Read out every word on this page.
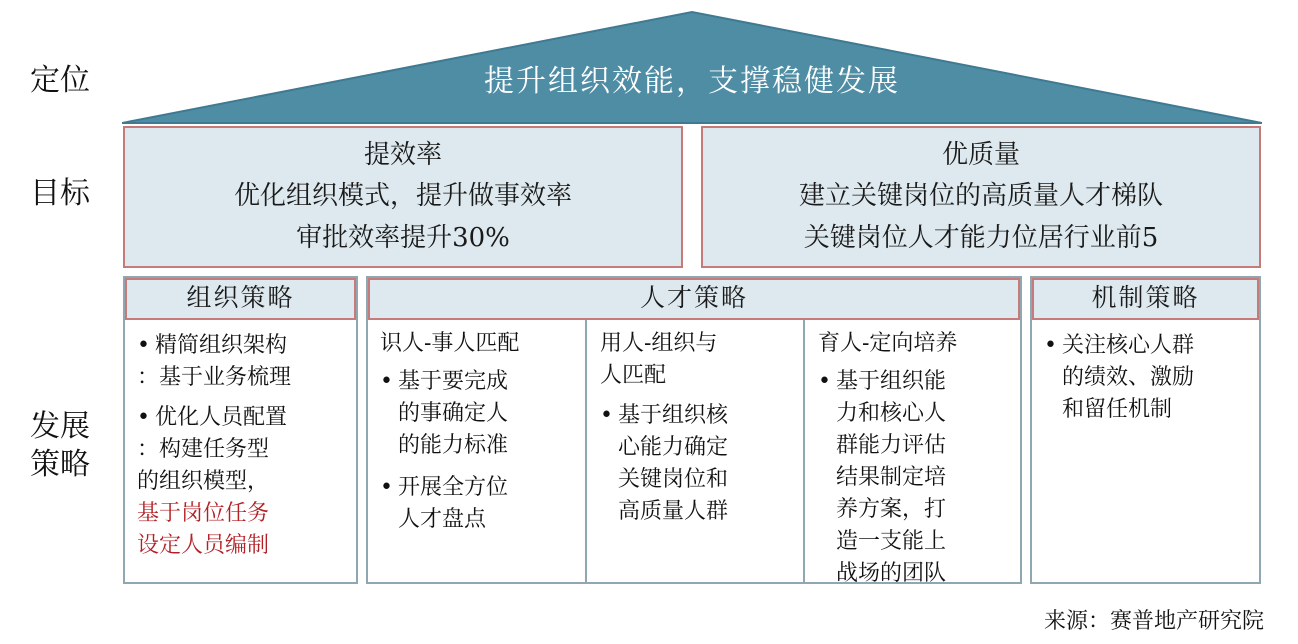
定位
目标
发展策略
提升组织效能，支撑稳健发展
提效率
优化组织模式，提升做事效率
审批效率提升30%
优质量
建立关键岗位的高质量人才梯队
关键岗位人才能力位居行业前5
组织策略
• 精简组织架构
：基于业务梳理
• 优化人员配置
：构建任务型
的组织模型，
基于岗位任务
设定人员编制
人才策略
识人-事人匹配
• 基于要完成
的事确定人
的能力标准
• 开展全方位
人才盘点
用人-组织与
人匹配
• 基于组织核
心能力确定
关键岗位和
高质量人群
育人-定向培养
• 基于组织能
力和核心人
群能力评估
结果制定培
养方案，打
造一支能上
战场的团队
机制策略
• 关注核心人群
的绩效、激励
和留任机制
来源：赛普地产研究院
